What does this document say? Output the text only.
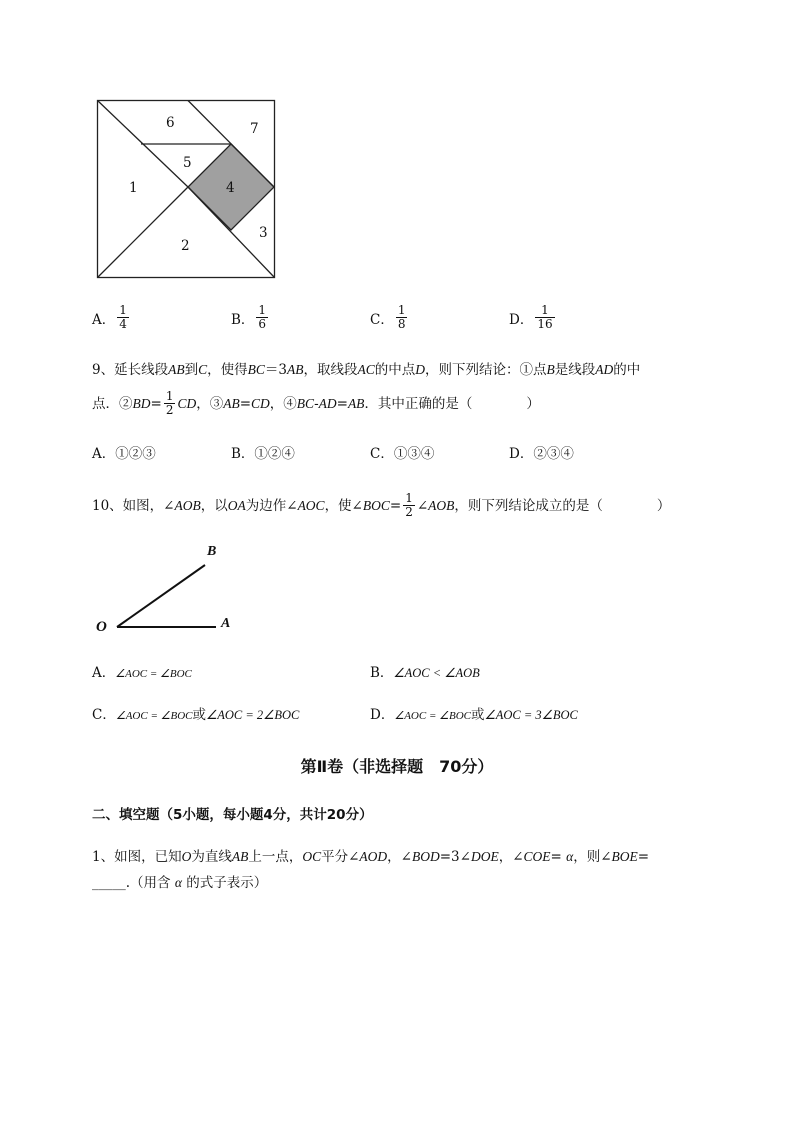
6	7
5
1	4
3
2
A． $\frac{1}{4}$	B． $\frac{1}{6}$	C． $\frac{1}{8}$	D． $\frac{1}{16}$
9、延长线段AB到C，使得BC＝3AB，取线段AC的中点D，则下列结论：①点B是线段AD的中
点．② BD = $\frac{1}{2}$ CD ，③ AB = CD ，④ BC - AD = AB ．其中正确的是（　　　　）
A．①②③	B．①②④	C．①③④	D．②③④
10、如图，∠ AOB ，以 OA 为边作∠ AOC ，使∠ BOC = $\frac{1}{2}$ ∠ AOB ，则下列结论成立的是（　　　　）
B
O	A
A．∠AOC = ∠BOC	B．∠AOC < ∠AOB
C．∠AOC = ∠BOC或∠AOC = 2∠BOC	D．∠AOC = ∠BOC或∠AOC = 3∠BOC
第Ⅱ卷（非选择题　70分）
二、填空题（5小题，每小题4分，共计20分）
1、如图，已知O为直线AB上一点，OC平分∠AOD，∠BOD=3∠DOE，∠COE= α，则∠BOE=
_____.（用含 α 的式子表示）
